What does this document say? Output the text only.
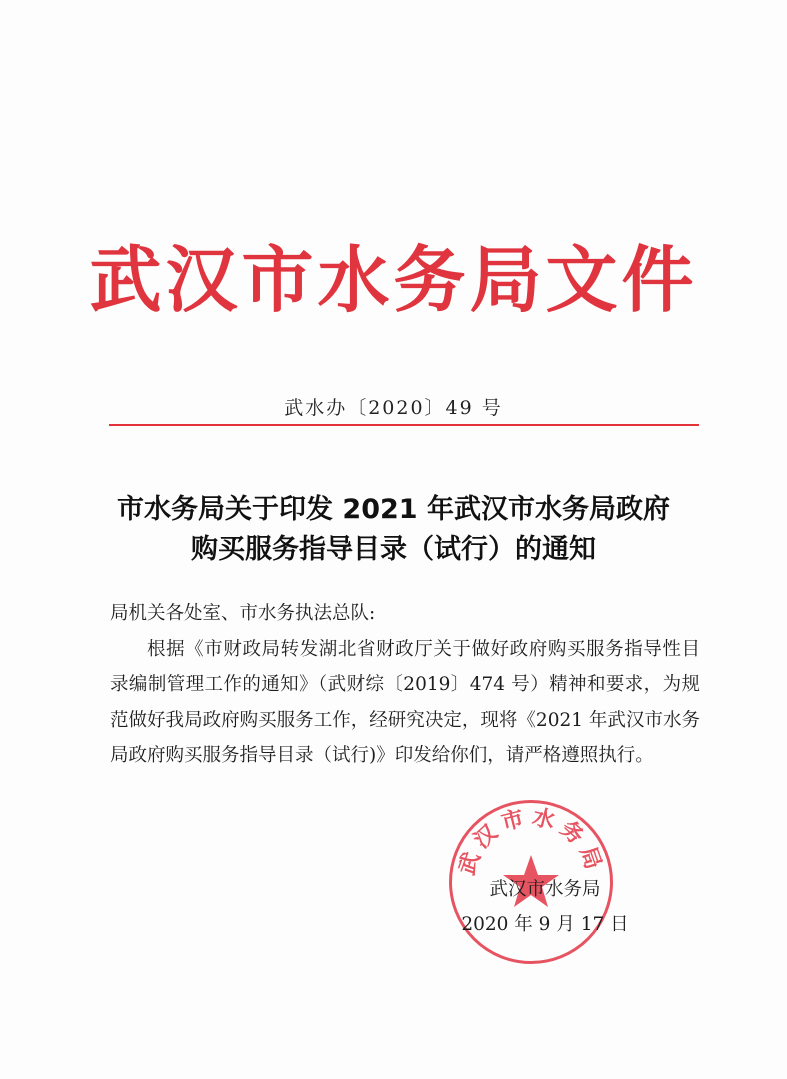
武汉市水务局文件
武水办〔2020〕49 号
市水务局关于印发 2021 年武汉市水务局政府
购买服务指导目录（试行）的通知

局机关各处室、市水务执法总队:

根据《市财政局转发湖北省财政厅关于做好政府购买服务指导性目录编制管理工作的通知》（武财综〔2019〕474 号）精神和要求，为规范做好我局政府购买服务工作，经研究决定，现将《2021 年武汉市水务局政府购买服务指导目录（试行)》印发给你们，请严格遵照执行。

武汉市水务局
武汉市水务局
2020 年 9 月 17 日
